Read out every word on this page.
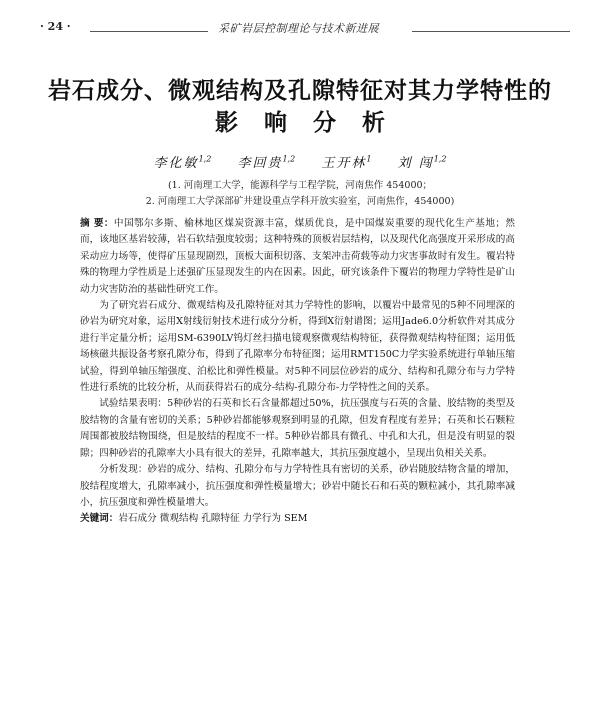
· 24 ·	采矿岩层控制理论与技术新进展
岩石成分、微观结构及孔隙特征对其力学特性的
影响分析
李化敏$^{1,2}$ 李回贵$^{1,2}$ 王开林$^1$ 刘 闯$^{1,2}$
(1. 河南理工大学，能源科学与工程学院，河南焦作 454000；
2. 河南理工大学深部矿井建设重点学科开放实验室，河南焦作，454000)

摘 要：中国鄂尔多斯、榆林地区煤炭资源丰富，煤质优良，是中国煤炭重要的现代化生产基地；然而，该地区基岩较薄，岩石软结强度较弱；这种特殊的顶板岩层结构，以及现代化高强度开采形成的高采动应力场等，使得矿压显现剧烈，顶板大面积切落、支架冲击荷载等动力灾害事故时有发生。覆岩特殊的物理力学性质是上述强矿压显现发生的内在因素。因此，研究该条件下覆岩的物理力学特性是矿山动力灾害防治的基础性研究工作。

为了研究岩石成分、微观结构及孔隙特征对其力学特性的影响，以覆岩中最常见的5种不同埋深的砂岩为研究对象，运用X射线衍射技术进行成分分析，得到X衍射谱图；运用Jade6.0分析软件对其成分进行半定量分析；运用SM-6390LV钨灯丝扫描电镜观察微观结构特征，获得微观结构特征图；运用低场核磁共振设备考察孔隙分布，得到了孔隙率分布特征图；运用RMT150C力学实验系统进行单轴压缩试验，得到单轴压缩强度、泊松比和弹性模量。对5种不同层位砂岩的成分、结构和孔隙分布与力学特性进行系统的比较分析，从而获得岩石的成分-结构-孔隙分布-力学特性之间的关系。

试验结果表明：5种砂岩的石英和长石含量都超过50%，抗压强度与石英的含量、胶结物的类型及胶结物的含量有密切的关系；5种砂岩都能够观察到明显的孔隙，但发育程度有差异；石英和长石颗粒周围都被胶结物围绕，但是胶结的程度不一样。5种砂岩都具有微孔、中孔和大孔，但是没有明显的裂隙；四种砂岩的孔隙率大小具有很大的差异，孔隙率越大，其抗压强度越小，呈现出负相关关系。

分析发现：砂岩的成分、结构、孔隙分布与力学特性具有密切的关系，砂岩随胶结物含量的增加，胶结程度增大，孔隙率减小，抗压强度和弹性模量增大；砂岩中随长石和石英的颗粒减小，其孔隙率减小，抗压强度和弹性模量增大。

关键词：岩石成分 微观结构 孔隙特征 力学行为 SEM
